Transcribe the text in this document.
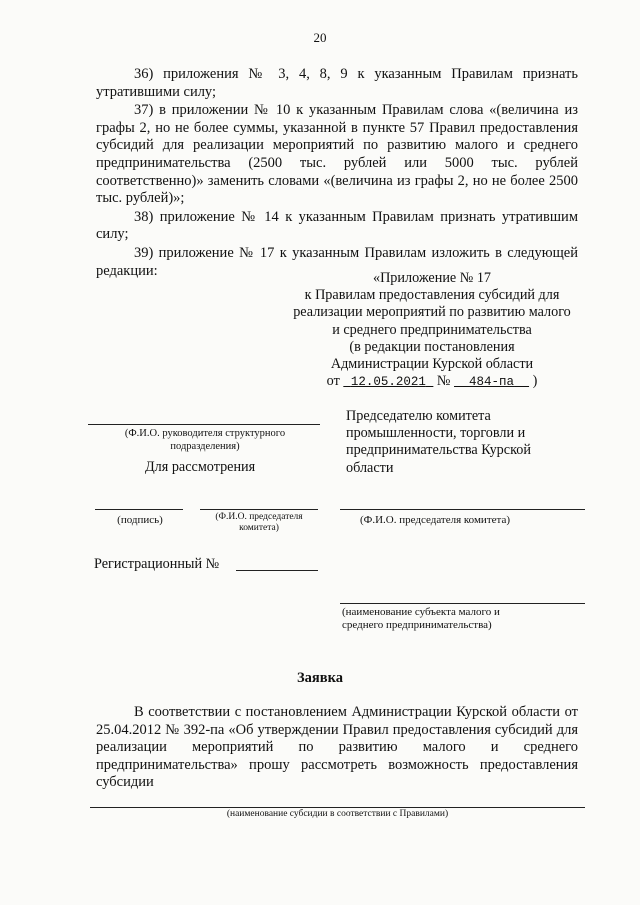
20

36) приложения № 3, 4, 8, 9 к указанным Правилам признать утратившими силу;

37) в приложении № 10 к указанным Правилам слова «(величина из графы 2, но не более суммы, указанной в пункте 57 Правил предоставления субсидий для реализации мероприятий по развитию малого и среднего предпринимательства (2500 тыс. рублей или 5000 тыс. рублей соответственно)» заменить словами «(величина из графы 2, но не более 2500 тыс. рублей)»;

38) приложение № 14 к указанным Правилам признать утратившим силу;

39) приложение № 17 к указанным Правилам изложить в следующей редакции:	«Приложение № 17
к Правилам предоставления субсидий для
реализации мероприятий по развитию малого
и среднего предпринимательства
(в редакции постановления
Администрации Курской области
от 12.05.2021 № 484-па )
(Ф.И.О. руководителя структурного подразделения)
Для рассмотрения
Председателю комитета промышленности, торговли и предпринимательства Курской области
(подпись)	(Ф.И.О. председателя комитета)
(Ф.И.О. председателя комитета)
Регистрационный №
(наименование субъекта малого и среднего предпринимательства)
Заявка

В соответствии с постановлением Администрации Курской области от 25.04.2012 № 392-па «Об утверждении Правил предоставления субсидий для реализации мероприятий по развитию малого и среднего предпринимательства» прошу рассмотреть возможность предоставления субсидии

(наименование субсидии в соответствии с Правилами)
